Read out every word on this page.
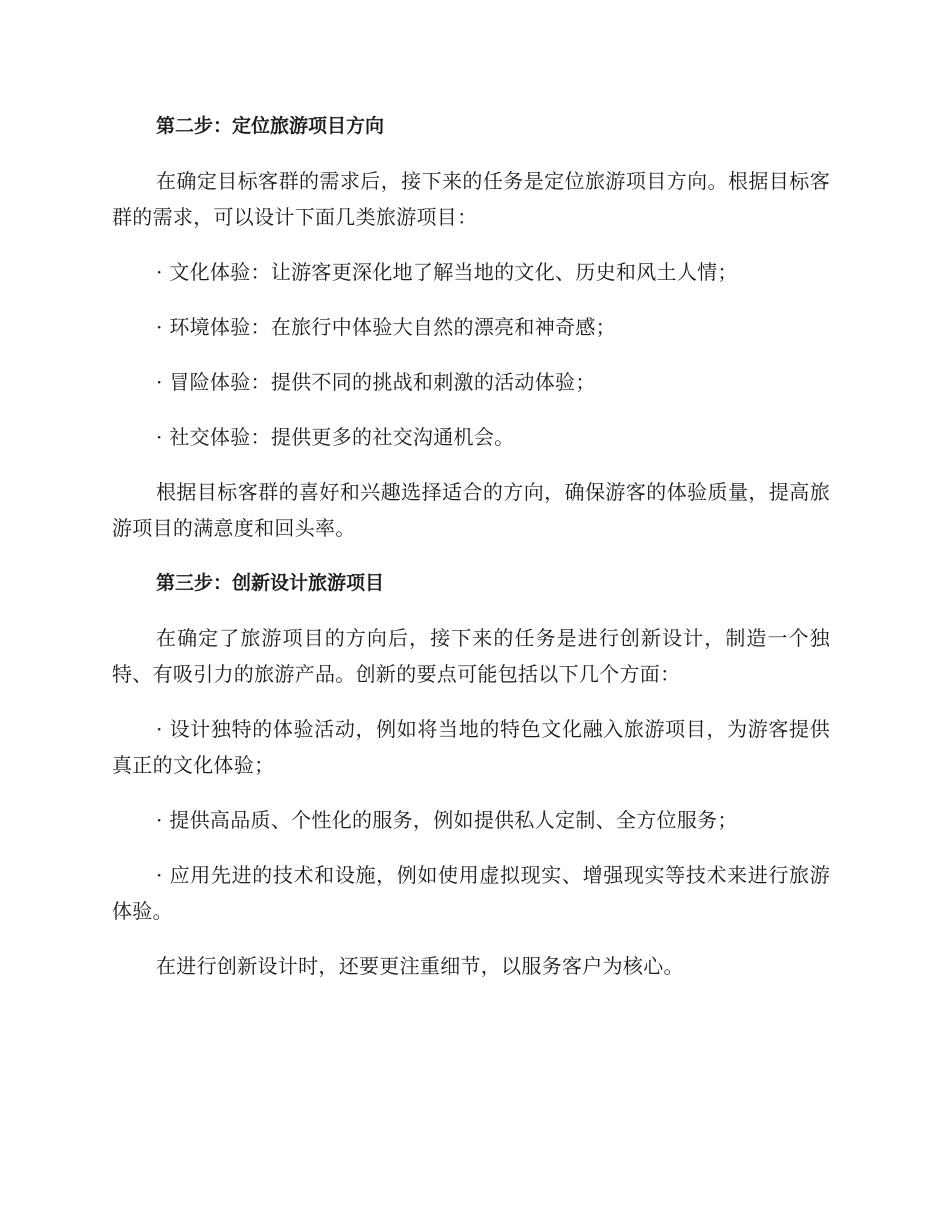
第二步：定位旅游项目方向

在确定目标客群的需求后，接下来的任务是定位旅游项目方向。根据目标客群的需求，可以设计下面几类旅游项目：

· 文化体验：让游客更深化地了解当地的文化、历史和风土人情；

· 环境体验：在旅行中体验大自然的漂亮和神奇感；

· 冒险体验：提供不同的挑战和刺激的活动体验；

· 社交体验：提供更多的社交沟通机会。

根据目标客群的喜好和兴趣选择适合的方向，确保游客的体验质量，提高旅游项目的满意度和回头率。

第三步：创新设计旅游项目

在确定了旅游项目的方向后，接下来的任务是进行创新设计，制造一个独特、有吸引力的旅游产品。创新的要点可能包括以下几个方面：

· 设计独特的体验活动，例如将当地的特色文化融入旅游项目，为游客提供真正的文化体验；

· 提供高品质、个性化的服务，例如提供私人定制、全方位服务；

· 应用先进的技术和设施，例如使用虚拟现实、增强现实等技术来进行旅游体验。

在进行创新设计时，还要更注重细节，以服务客户为核心。
